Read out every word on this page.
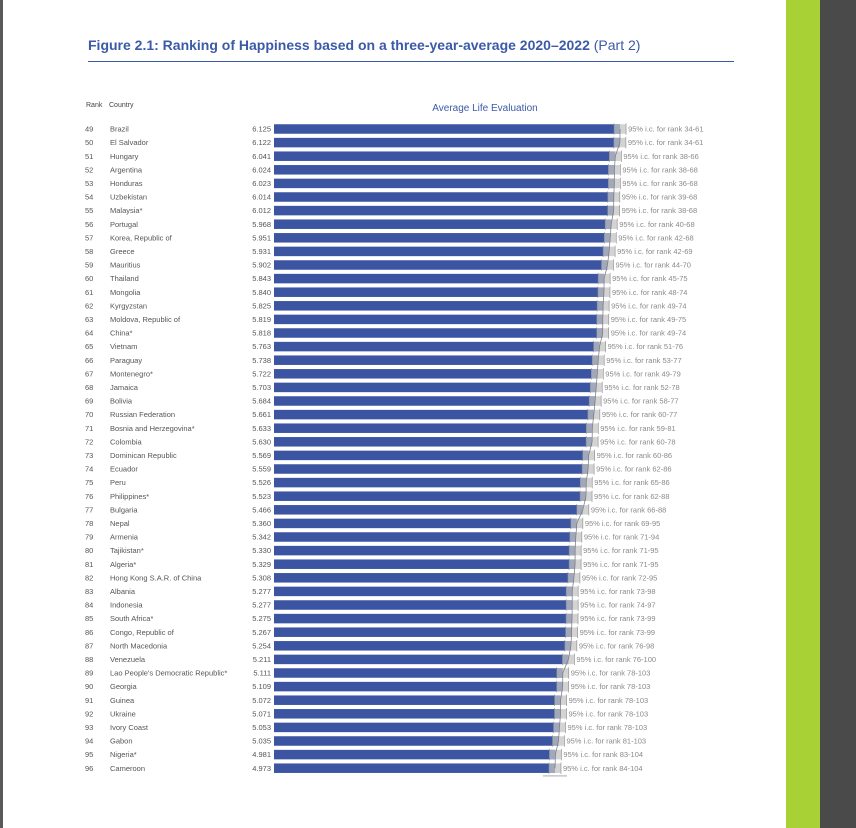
Figure 2.1: Ranking of Happiness based on a three-year-average 2020–2022 (Part 2)
Rank Country	Average Life Evaluation
49 Brazil	6.125	95% i.c. for rank 34-61
50 El Salvador	6.122	95% i.c. for rank 34-61
51 Hungary	6.041	95% i.c. for rank 38-66
52 Argentina	6.024	95% i.c. for rank 38-68
53 Honduras	6.023	95% i.c. for rank 36-68
54 Uzbekistan	6.014	95% i.c. for rank 39-68
55 Malaysia*	6.012	95% i.c. for rank 38-68
56 Portugal	5.968	95% i.c. for rank 40-68
57 Korea, Republic of	5.951	95% i.c. for rank 42-68
58 Greece	5.931	95% i.c. for rank 42-69
59 Mauritius	5.902	95% i.c. for rank 44-70
60 Thailand	5.843	95% i.c. for rank 45-75
61 Mongolia	5.840	95% i.c. for rank 48-74
62 Kyrgyzstan	5.825	95% i.c. for rank 49-74
63 Moldova, Republic of	5.819	95% i.c. for rank 49-75
64 China*	5.818	95% i.c. for rank 49-74
65 Vietnam	5.763	95% i.c. for rank 51-76
66 Paraguay	5.738	95% i.c. for rank 53-77
67 Montenegro*	5.722	95% i.c. for rank 49-79
68 Jamaica	5.703	95% i.c. for rank 52-78
69 Bolivia	5.684	95% i.c. for rank 58-77
70 Russian Federation	5.661	95% i.c. for rank 60-77
71 Bosnia and Herzegovina*	5.633	95% i.c. for rank 59-81
72 Colombia	5.630	95% i.c. for rank 60-78
73 Dominican Republic	5.569	95% i.c. for rank 60-86
74 Ecuador	5.559	95% i.c. for rank 62-86
75 Peru	5.526	95% i.c. for rank 65-86
76 Philippines*	5.523	95% i.c. for rank 62-88
77 Bulgaria	5.466	95% i.c. for rank 66-88
78 Nepal	5.360	95% i.c. for rank 69-95
79 Armenia	5.342	95% i.c. for rank 71-94
80 Tajikistan*	5.330	95% i.c. for rank 71-95
81 Algeria*	5.329	95% i.c. for rank 71-95
82 Hong Kong S.A.R. of China	5.308	95% i.c. for rank 72-95
83 Albania	5.277	95% i.c. for rank 73-98
84 Indonesia	5.277	95% i.c. for rank 74-97
85 South Africa*	5.275	95% i.c. for rank 73-99
86 Congo, Republic of	5.267	95% i.c. for rank 73-99
87 North Macedonia	5.254	95% i.c. for rank 76-98
88 Venezuela	5.211	95% i.c. for rank 76-100
89 Lao People's Democratic Republic*	5.111	95% i.c. for rank 78-103
90 Georgia	5.109	95% i.c. for rank 78-103
91 Guinea	5.072	95% i.c. for rank 78-103
92 Ukraine	5.071	95% i.c. for rank 78-103
93 Ivory Coast	5.053	95% i.c. for rank 78-103
94 Gabon	5.035	95% i.c. for rank 81-103
95 Nigeria*	4.981	95% i.c. for rank 83-104
96 Cameroon	4.973	95% i.c. for rank 84-104
